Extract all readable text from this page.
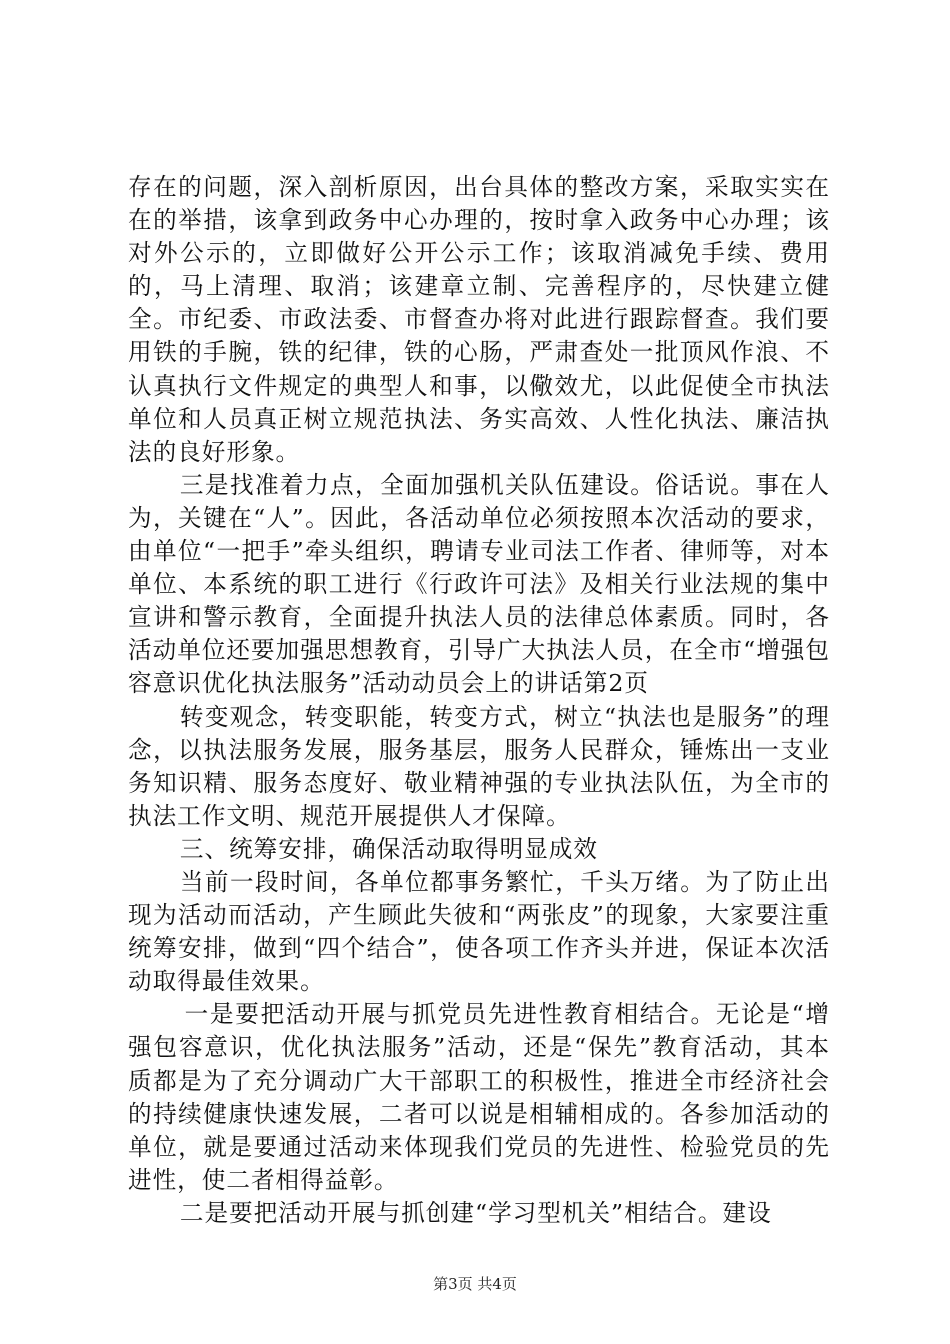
存在的问题，深入剖析原因，出台具体的整改方案，采取实实在在的举措，该拿到政务中心办理的，按时拿入政务中心办理；该对外公示的，立即做好公开公示工作；该取消减免手续、费用的，马上清理、取消；该建章立制、完善程序的，尽快建立健全。市纪委、市政法委、市督查办将对此进行跟踪督查。我们要用铁的手腕，铁的纪律，铁的心肠，严肃查处一批顶风作浪、不认真执行文件规定的典型人和事，以儆效尤，以此促使全市执法单位和人员真正树立规范执法、务实高效、人性化执法、廉洁执法的良好形象。

三是找准着力点，全面加强机关队伍建设。俗话说。事在人为，关键在“人”。因此，各活动单位必须按照本次活动的要求，由单位“一把手”牵头组织，聘请专业司法工作者、律师等，对本单位、本系统的职工进行《行政许可法》及相关行业法规的集中宣讲和警示教育，全面提升执法人员的法律总体素质。同时，各活动单位还要加强思想教育，引导广大执法人员，在全市“增强包容意识优化执法服务”活动动员会上的讲话第2页

转变观念，转变职能，转变方式，树立“执法也是服务”的理念，以执法服务发展，服务基层，服务人民群众，锤炼出一支业务知识精、服务态度好、敬业精神强的专业执法队伍，为全市的执法工作文明、规范开展提供人才保障。

三、统筹安排，确保活动取得明显成效

当前一段时间，各单位都事务繁忙，千头万绪。为了防止出现为活动而活动，产生顾此失彼和“两张皮”的现象，大家要注重统筹安排，做到“四个结合”，使各项工作齐头并进，保证本次活动取得最佳效果。

一是要把活动开展与抓党员先进性教育相结合。无论是“增强包容意识，优化执法服务”活动，还是“保先”教育活动，其本质都是为了充分调动广大干部职工的积极性，推进全市经济社会的持续健康快速发展，二者可以说是相辅相成的。各参加活动的单位，就是要通过活动来体现我们党员的先进性、检验党员的先进性，使二者相得益彰。

二是要把活动开展与抓创建“学习型机关”相结合。建设

第3页 共4页
